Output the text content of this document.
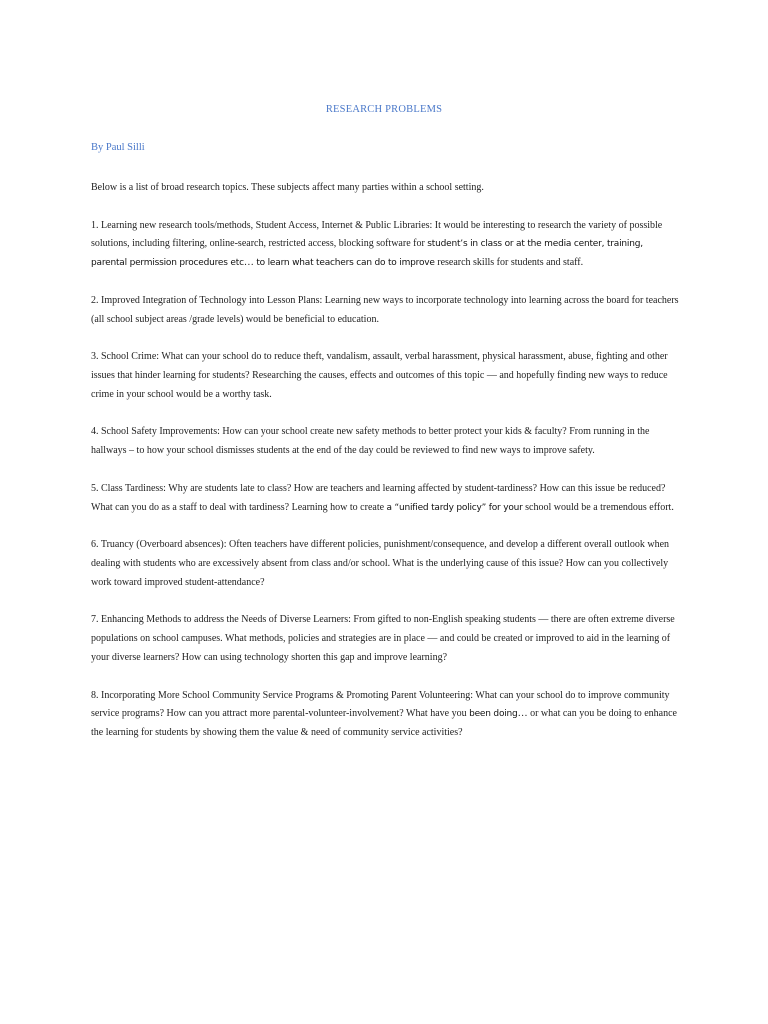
RESEARCH PROBLEMS
By Paul Silli

Below is a list of broad research topics. These subjects affect many parties within a school setting.

1. Learning new research tools/methods, Student Access, Internet & Public Libraries: It would be interesting to research the variety of possible solutions, including filtering, online-search, restricted access, blocking software for student’s in class or at the media center, training, parental permission procedures etc… to learn what teachers can do to improve research skills for students and staff.

2. Improved Integration of Technology into Lesson Plans: Learning new ways to incorporate technology into learning across the board for teachers (all school subject areas /grade levels) would be beneficial to education.

3. School Crime: What can your school do to reduce theft, vandalism, assault, verbal harassment, physical harassment, abuse, fighting and other issues that hinder learning for students? Researching the causes, effects and outcomes of this topic — and hopefully finding new ways to reduce crime in your school would be a worthy task.

4. School Safety Improvements: How can your school create new safety methods to better protect your kids & faculty? From running in the hallways – to how your school dismisses students at the end of the day could be reviewed to find new ways to improve safety.

5. Class Tardiness: Why are students late to class? How are teachers and learning affected by student-tardiness? How can this issue be reduced? What can you do as a staff to deal with tardiness? Learning how to create a “unified tardy policy” for your school would be a tremendous effort.

6. Truancy (Overboard absences): Often teachers have different policies, punishment/consequence, and develop a different overall outlook when dealing with students who are excessively absent from class and/or school. What is the underlying cause of this issue? How can you collectively work toward improved student-attendance?

7. Enhancing Methods to address the Needs of Diverse Learners: From gifted to non-English speaking students — there are often extreme diverse populations on school campuses. What methods, policies and strategies are in place — and could be created or improved to aid in the learning of your diverse learners? How can using technology shorten this gap and improve learning?

8. Incorporating More School Community Service Programs & Promoting Parent Volunteering: What can your school do to improve community service programs? How can you attract more parental-volunteer-involvement? What have you been doing… or what can you be doing to enhance the learning for students by showing them the value & need of community service activities?
